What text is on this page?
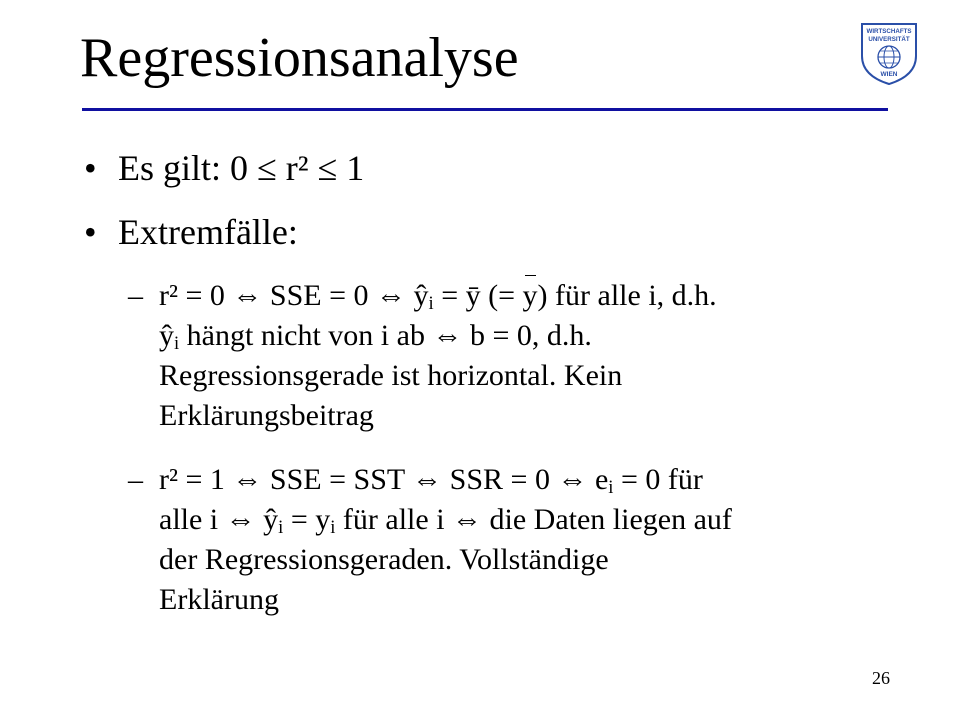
Regressionsanalyse	WIRTSCHAFTS
UNIVERSITÄT
WIEN
• Es gilt: 0 ≤ r² ≤ 1
• Extremfälle:
– r² = 0 ⇔ SSE = 0 ⇔ $ŷ_i$ = ȳ (= y) für alle i, d.h.
$ŷ_i$ hängt nicht von i ab ⇔ b = 0, d.h.
Regressionsgerade ist horizontal. Kein
Erklärungsbeitrag
– r² = 1 ⇔ SSE = SST ⇔ SSR = 0 ⇔ $e_i = 0$ für
alle i ⇔ $ŷ_i = y_i$ für alle i ⇔ die Daten liegen auf
der Regressionsgeraden. Vollständige
Erklärung
26
